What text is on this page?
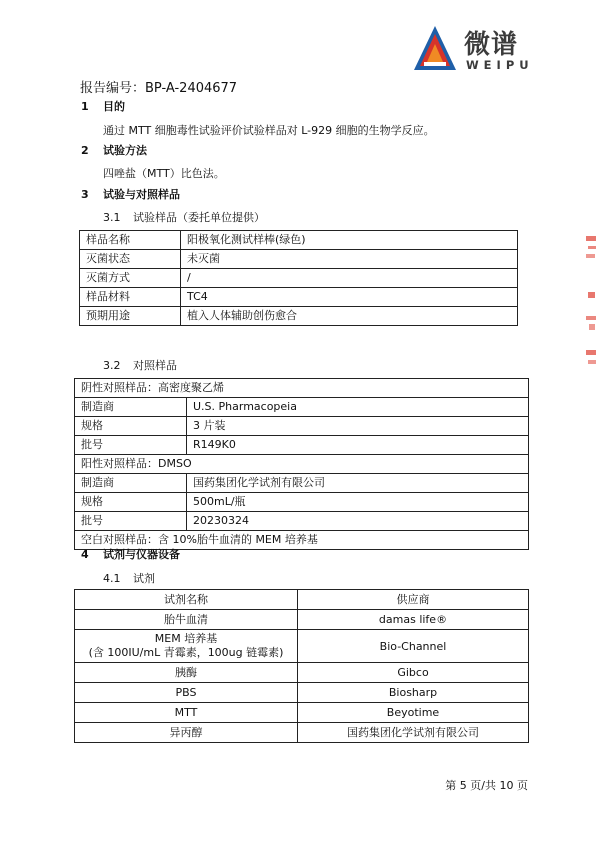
微谱
WEIPU
报告编号：BP-A-2404677
1 目的
通过 MTT 细胞毒性试验评价试验样品对 L-929 细胞的生物学反应。
2 试验方法
四唑盐（MTT）比色法。
3 试验与对照样品
3.1 试验样品（委托单位提供）
样品名称	阳极氧化测试样棒(绿色)
灭菌状态	未灭菌
灭菌方式	/
样品材料	TC4
预期用途	植入人体辅助创伤愈合
3.2 对照样品
阴性对照样品：高密度聚乙烯	
制造商	U.S. Pharmacopeia
规格	3 片装
批号	R149K0
阳性对照样品：DMSO	
制造商	国药集团化学试剂有限公司
规格	500mL/瓶
批号	20230324
空白对照样品：含 10%胎牛血清的 MEM 培养基	
4 试剂与仪器设备
4.1 试剂
试剂名称	供应商
胎牛血清	damas life®

MEM 培养基
(含 100IU/mL 青霉素，100ug 链霉素)	Bio-Channel
胰酶	Gibco
PBS	Biosharp
MTT	Beyotime
异丙醇	国药集团化学试剂有限公司
第 5 页/共 10 页
